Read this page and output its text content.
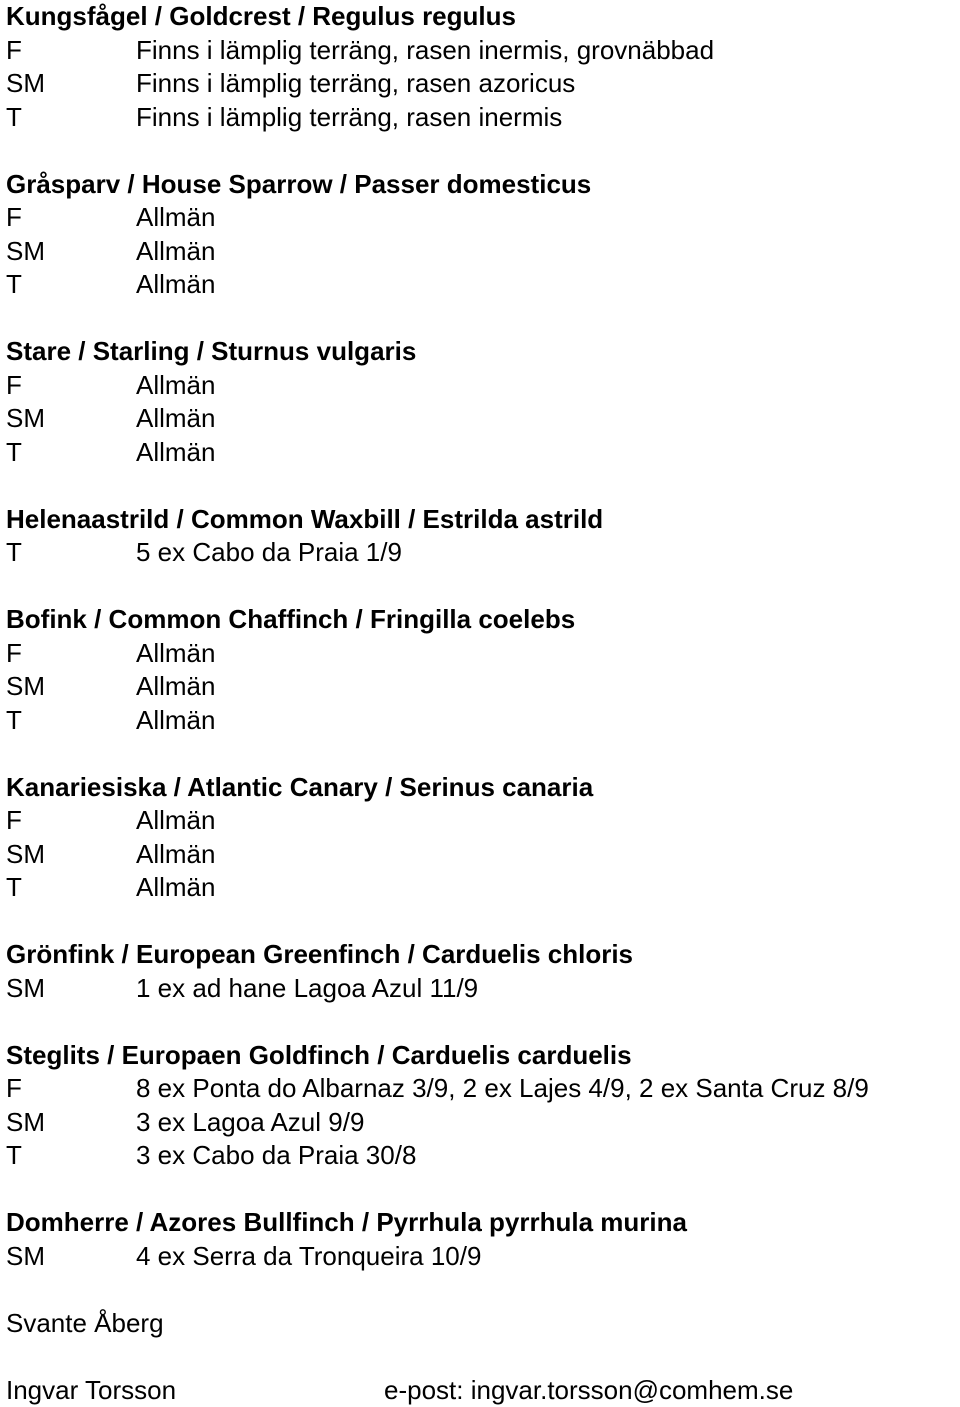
Kungsfågel / Goldcrest / Regulus regulus
F	Finns i lämplig terräng, rasen inermis, grovnäbbad
SM	Finns i lämplig terräng, rasen azoricus
T	Finns i lämplig terräng, rasen inermis
Gråsparv / House Sparrow / Passer domesticus
F	Allmän
SM	Allmän
T	Allmän
Stare / Starling / Sturnus vulgaris
F	Allmän
SM	Allmän
T	Allmän
Helenaastrild / Common Waxbill / Estrilda astrild
T	5 ex Cabo da Praia 1/9
Bofink / Common Chaffinch / Fringilla coelebs
F	Allmän
SM	Allmän
T	Allmän
Kanariesiska / Atlantic Canary / Serinus canaria
F	Allmän
SM	Allmän
T	Allmän
Grönfink / European Greenfinch / Carduelis chloris
SM	1 ex ad hane Lagoa Azul 11/9
Steglits / Europaen Goldfinch / Carduelis carduelis
F	8 ex Ponta do Albarnaz 3/9, 2 ex Lajes 4/9, 2 ex Santa Cruz 8/9
SM	3 ex Lagoa Azul 9/9
T	3 ex Cabo da Praia 30/8
Domherre / Azores Bullfinch / Pyrrhula pyrrhula murina
SM	4 ex Serra da Tronqueira 10/9
Svante Åberg
Ingvar Torsson	e-post: ingvar.torsson@comhem.se
